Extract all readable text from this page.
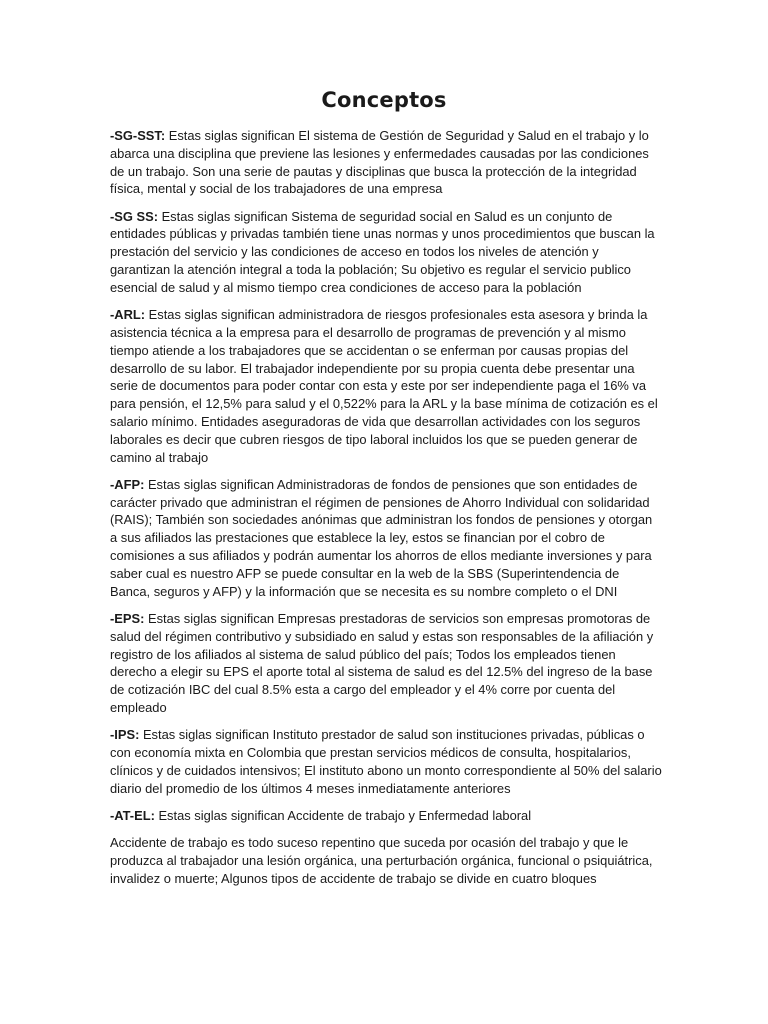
Conceptos

-SG-SST: Estas siglas significan El sistema de Gestión de Seguridad y Salud en el trabajo y lo abarca una disciplina que previene las lesiones y enfermedades causadas por las condiciones de un trabajo. Son una serie de pautas y disciplinas que busca la protección de la integridad física, mental y social de los trabajadores de una empresa

-SG SS: Estas siglas significan Sistema de seguridad social en Salud es un conjunto de entidades públicas y privadas también tiene unas normas y unos procedimientos que buscan la prestación del servicio y las condiciones de acceso en todos los niveles de atención y garantizan la atención integral a toda la población; Su objetivo es regular el servicio publico esencial de salud y al mismo tiempo crea condiciones de acceso para la población

-ARL: Estas siglas significan administradora de riesgos profesionales esta asesora y brinda la asistencia técnica a la empresa para el desarrollo de programas de prevención y al mismo tiempo atiende a los trabajadores que se accidentan o se enferman por causas propias del desarrollo de su labor. El trabajador independiente por su propia cuenta debe presentar una serie de documentos para poder contar con esta y este por ser independiente paga el 16% va para pensión, el 12,5% para salud y el 0,522% para la ARL y la base mínima de cotización es el salario mínimo. Entidades aseguradoras de vida que desarrollan actividades con los seguros laborales es decir que cubren riesgos de tipo laboral incluidos los que se pueden generar de camino al trabajo

-AFP: Estas siglas significan Administradoras de fondos de pensiones que son entidades de carácter privado que administran el régimen de pensiones de Ahorro Individual con solidaridad (RAIS); También son sociedades anónimas que administran los fondos de pensiones y otorgan a sus afiliados las prestaciones que establece la ley, estos se financian por el cobro de comisiones a sus afiliados y podrán aumentar los ahorros de ellos mediante inversiones y para saber cual es nuestro AFP se puede consultar en la web de la SBS (Superintendencia de Banca, seguros y AFP) y la información que se necesita es su nombre completo o el DNI

-EPS: Estas siglas significan Empresas prestadoras de servicios son empresas promotoras de salud del régimen contributivo y subsidiado en salud y estas son responsables de la afiliación y registro de los afiliados al sistema de salud público del país; Todos los empleados tienen derecho a elegir su EPS el aporte total al sistema de salud es del 12.5% del ingreso de la base de cotización IBC del cual 8.5% esta a cargo del empleador y el 4% corre por cuenta del empleado

-IPS: Estas siglas significan Instituto prestador de salud son instituciones privadas, públicas o con economía mixta en Colombia que prestan servicios médicos de consulta, hospitalarios, clínicos y de cuidados intensivos; El instituto abono un monto correspondiente al 50% del salario diario del promedio de los últimos 4 meses inmediatamente anteriores

-AT-EL: Estas siglas significan Accidente de trabajo y Enfermedad laboral

Accidente de trabajo es todo suceso repentino que suceda por ocasión del trabajo y que le produzca al trabajador una lesión orgánica, una perturbación orgánica, funcional o psiquiátrica, invalidez o muerte; Algunos tipos de accidente de trabajo se divide en cuatro bloques
